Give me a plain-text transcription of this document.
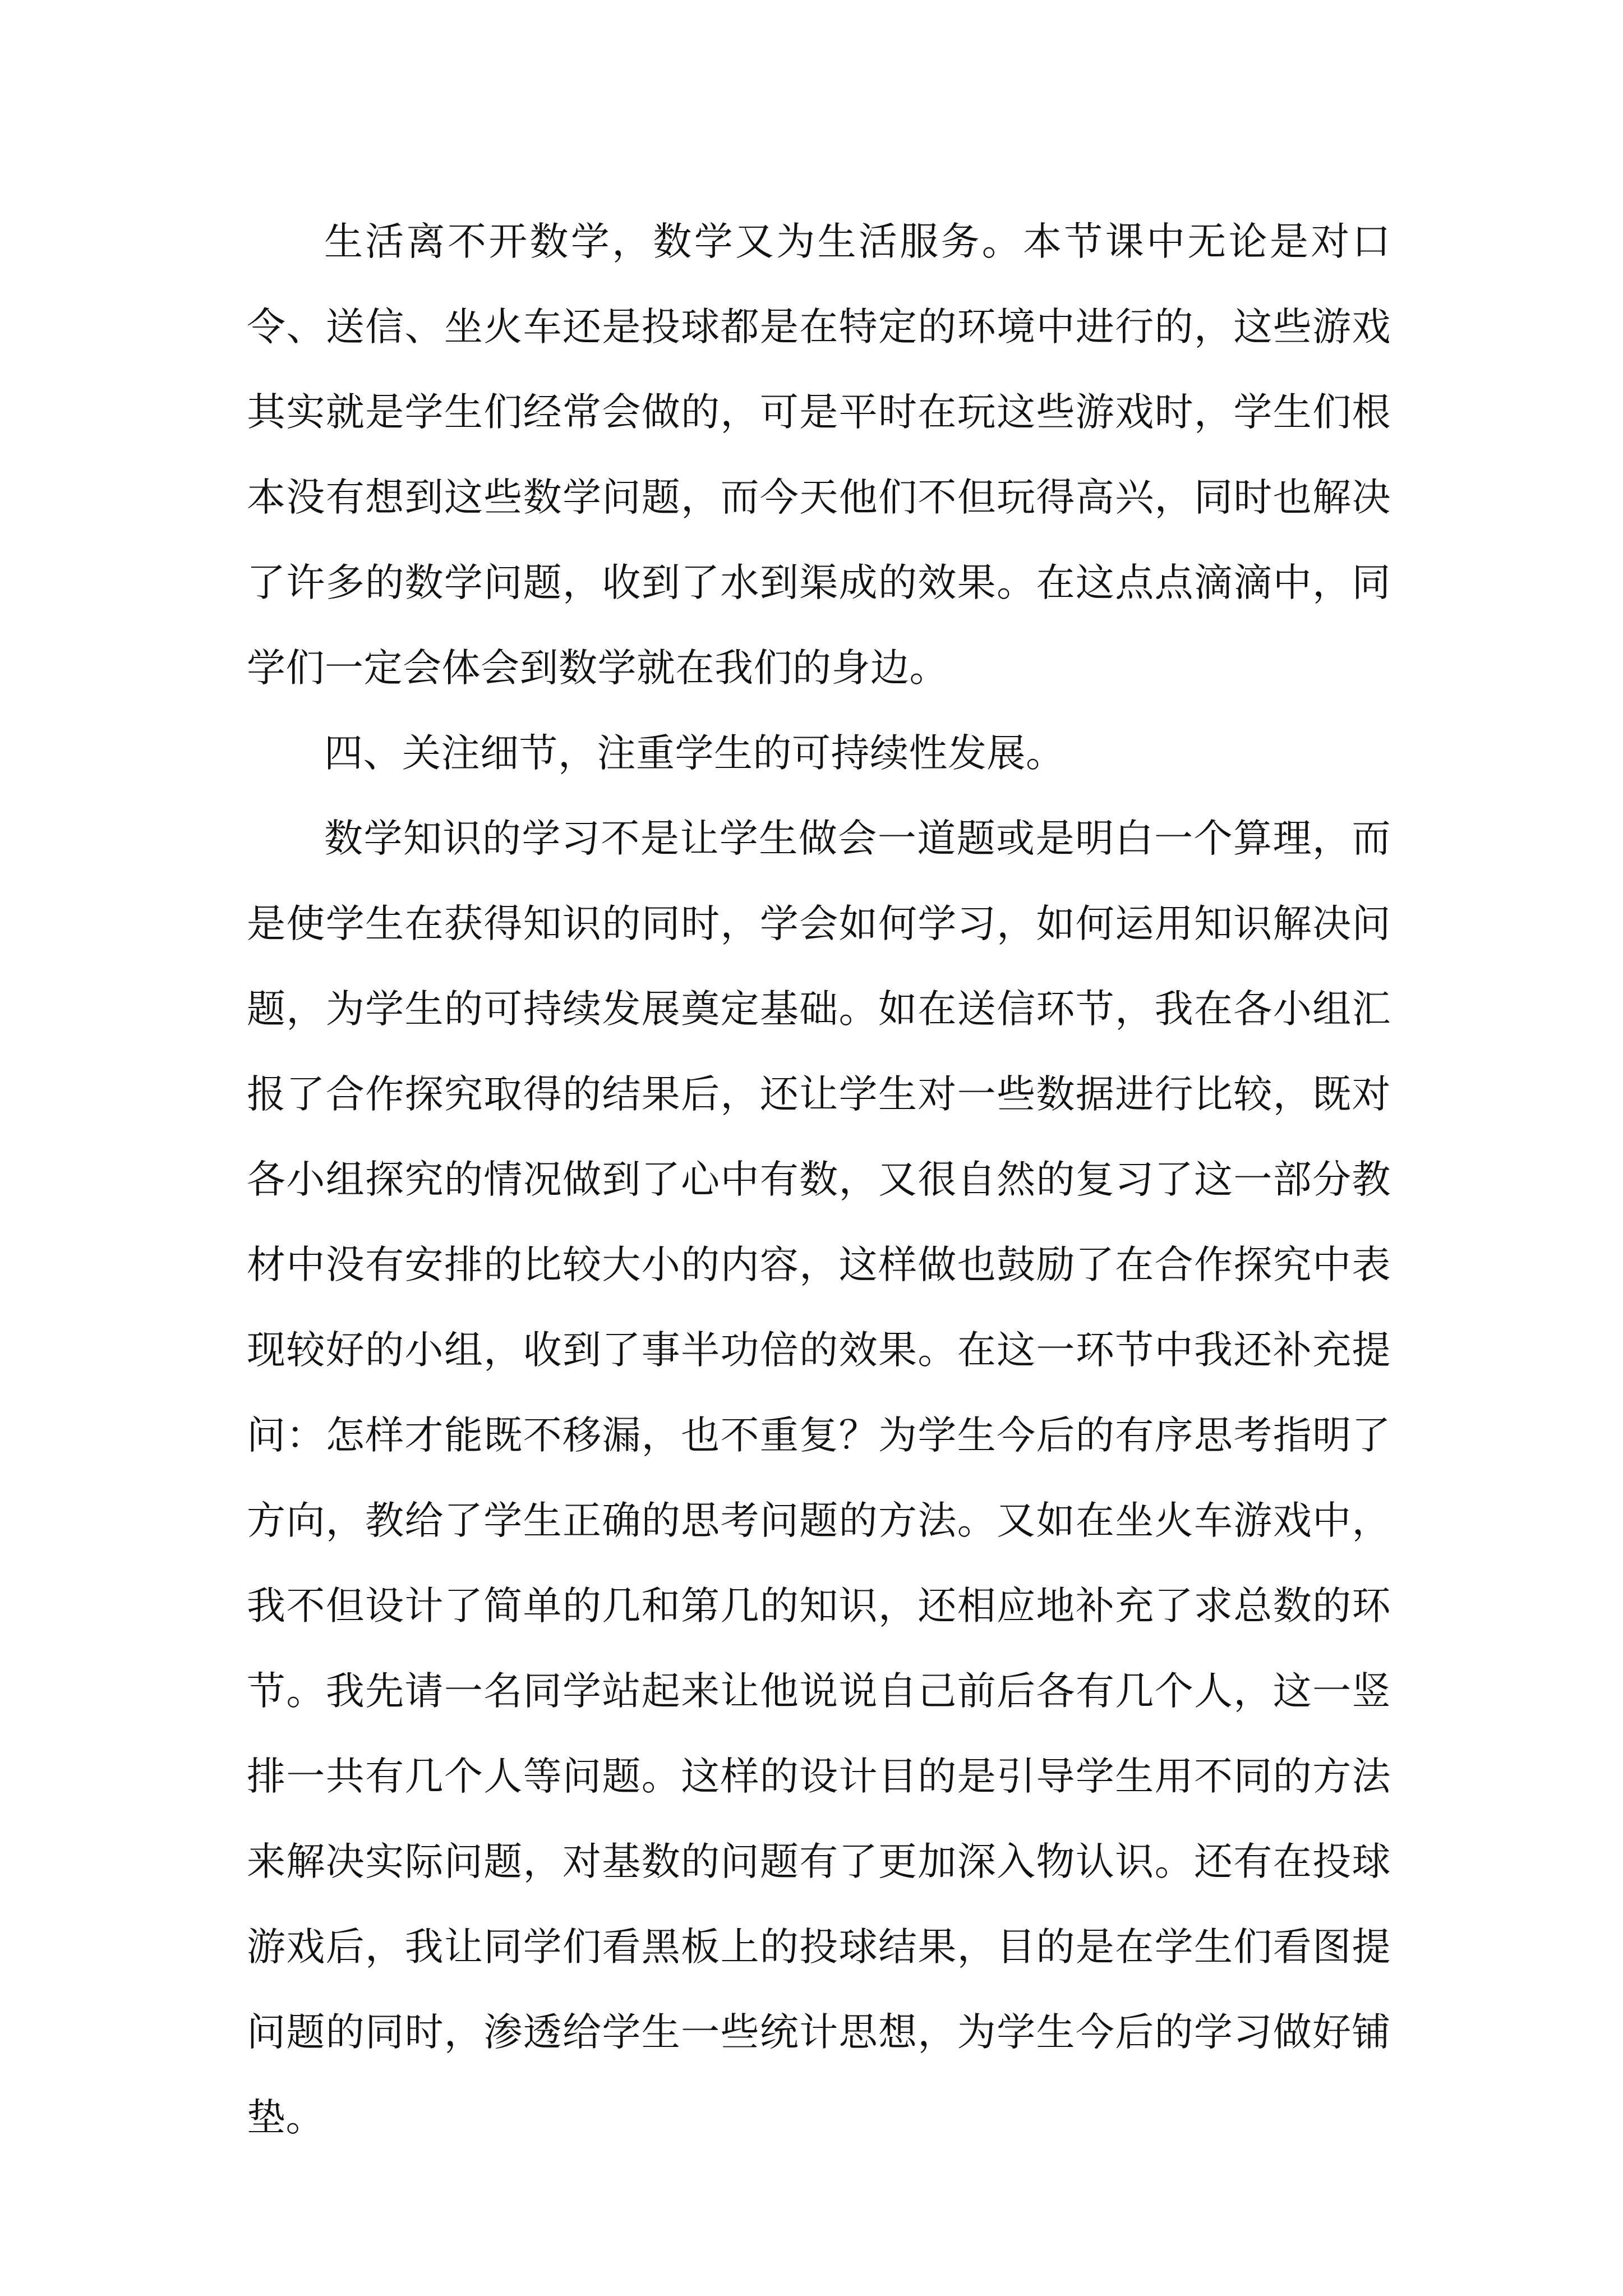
生活离不开数学，数学又为生活服务。本节课中无论是对口令、送信、坐火车还是投球都是在特定的环境中进行的，这些游戏其实就是学生们经常会做的，可是平时在玩这些游戏时，学生们根本没有想到这些数学问题，而今天他们不但玩得高兴，同时也解决了许多的数学问题，收到了水到渠成的效果。在这点点滴滴中，同学们一定会体会到数学就在我们的身边。

四、关注细节，注重学生的可持续性发展。

数学知识的学习不是让学生做会一道题或是明白一个算理，而是使学生在获得知识的同时，学会如何学习，如何运用知识解决问题，为学生的可持续发展奠定基础。如在送信环节，我在各小组汇报了合作探究取得的结果后，还让学生对一些数据进行比较，既对各小组探究的情况做到了心中有数，又很自然的复习了这一部分教材中没有安排的比较大小的内容，这样做也鼓励了在合作探究中表现较好的小组，收到了事半功倍的效果。在这一环节中我还补充提问：怎样才能既不移漏，也不重复？为学生今后的有序思考指明了方向，教给了学生正确的思考问题的方法。又如在坐火车游戏中，我不但设计了简单的几和第几的知识，还相应地补充了求总数的环节。我先请一名同学站起来让他说说自己前后各有几个人，这一竖排一共有几个人等问题。这样的设计目的是引导学生用不同的方法来解决实际问题，对基数的问题有了更加深入物认识。还有在投球游戏后，我让同学们看黑板上的投球结果，目的是在学生们看图提问题的同时，渗透给学生一些统计思想，为学生今后的学习做好铺垫。
